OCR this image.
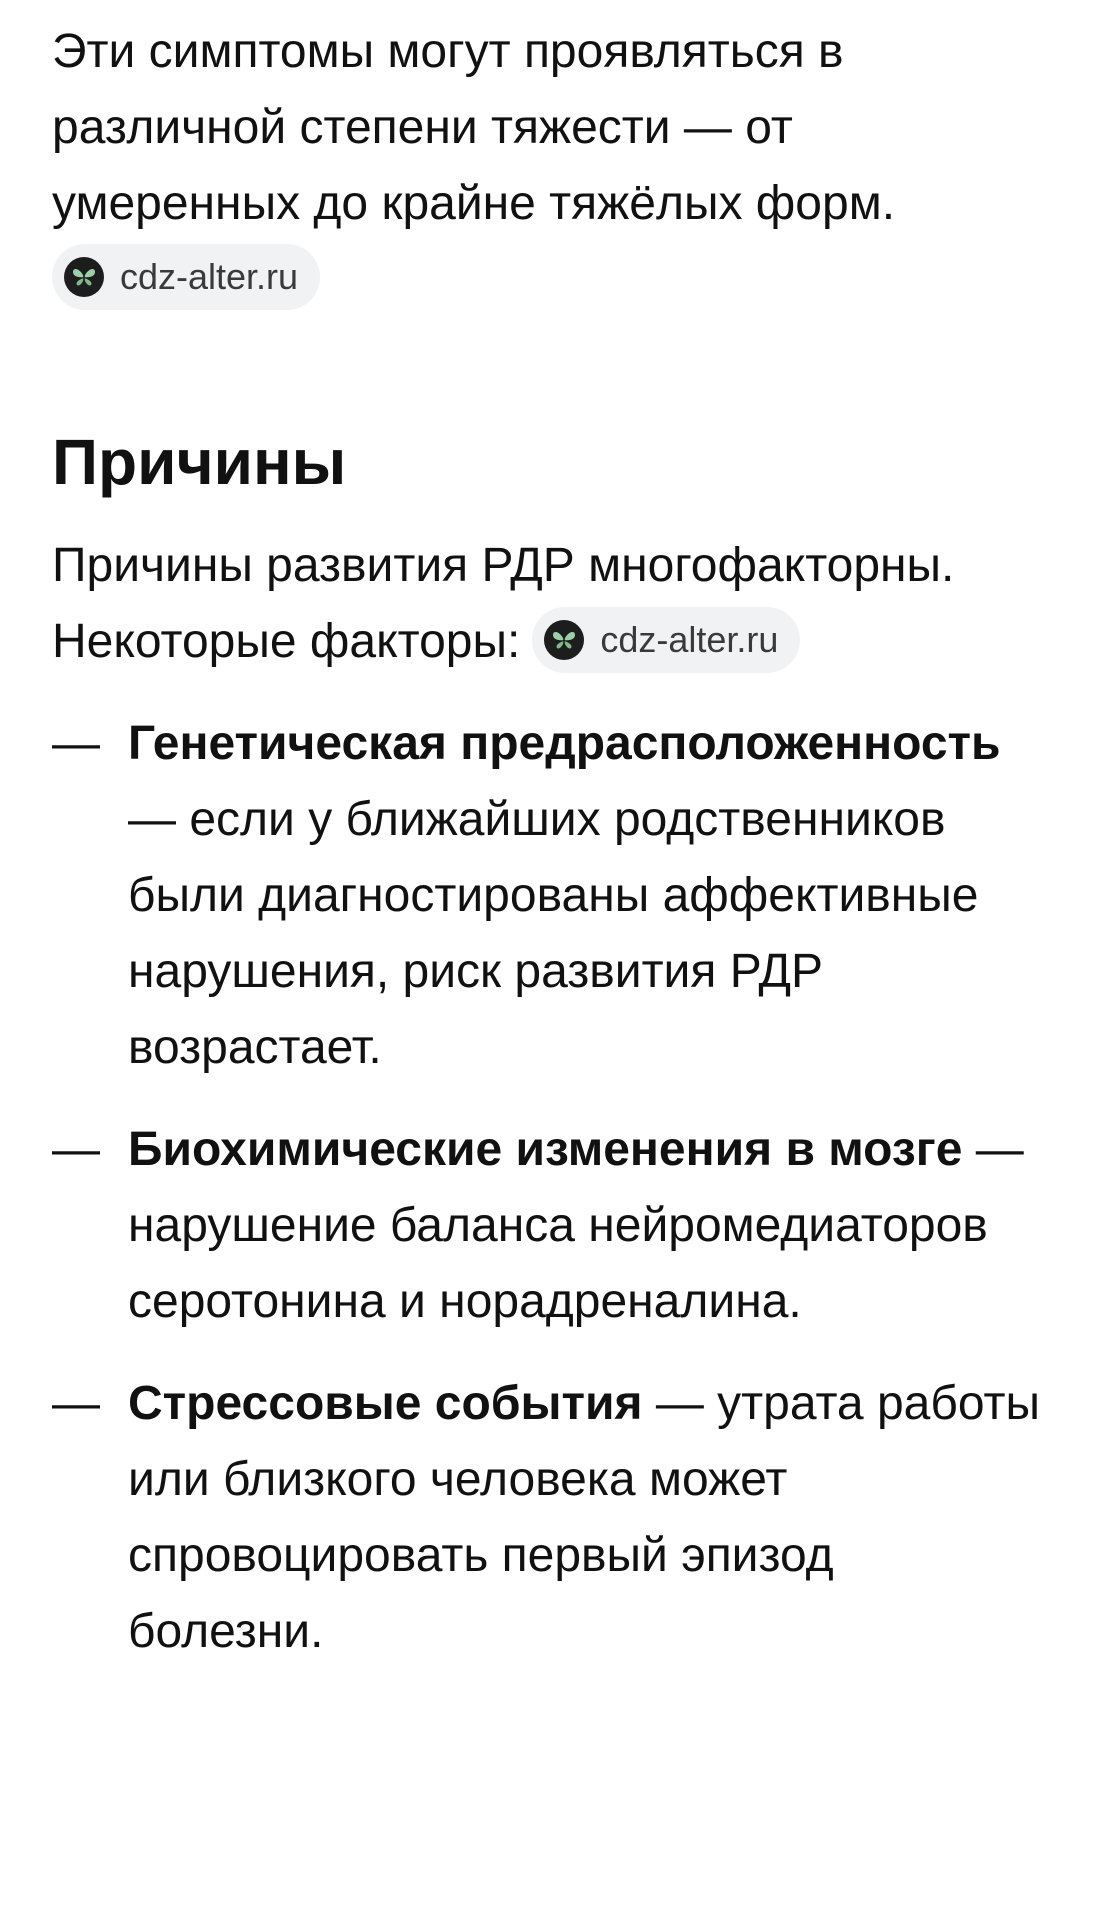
Эти симптомы могут проявляться в различной степени тяжести — от умеренных до крайне тяжёлых форм.

cdz-alter.ru
Причины

Причины развития РДР многофакторны. Некоторые факторы: cdz-alter.ru

— Генетическая предрасположенность — если у ближайших родственников были диагностированы аффективные нарушения, риск развития РДР возрастает.
— Биохимические изменения в мозге — нарушение баланса нейромедиаторов серотонина и норадреналина.
— Стрессовые события — утрата работы или близкого человека может спровоцировать первый эпизод болезни.
